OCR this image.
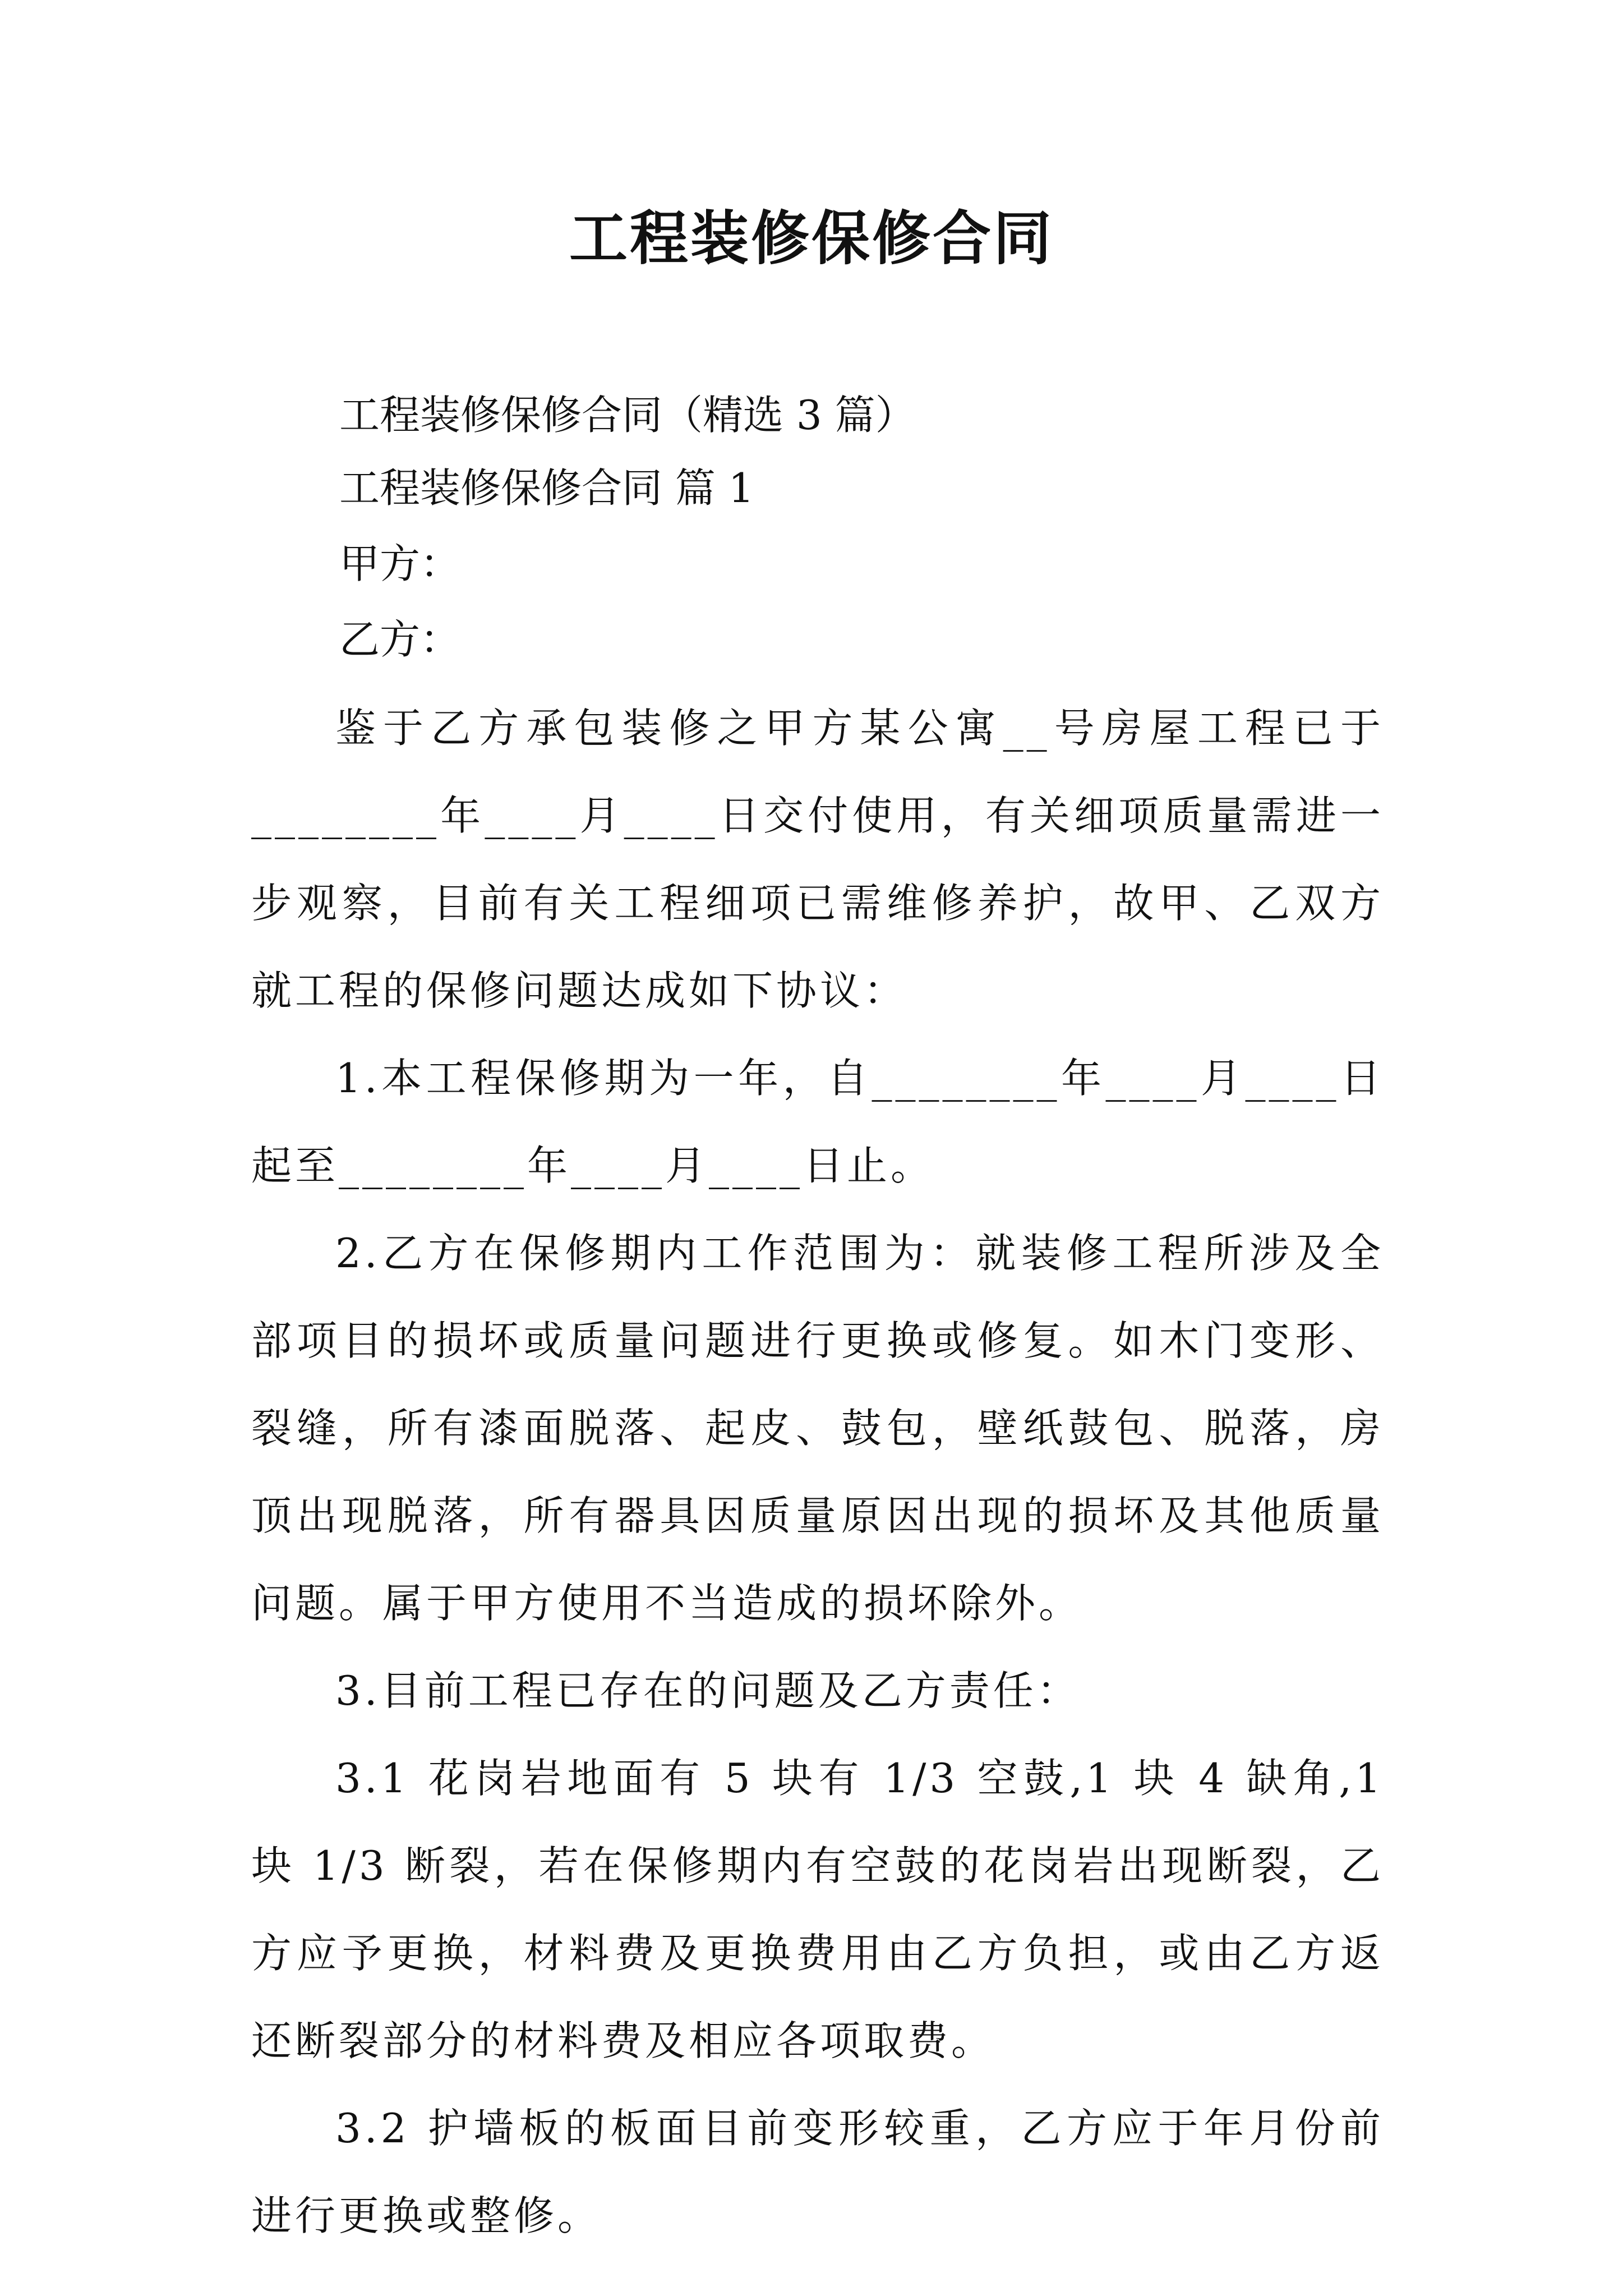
工程装修保修合同
工程装修保修合同（精选 3 篇）
工程装修保修合同 篇 1
甲方：
乙方：

鉴于乙方承包装修之甲方某公寓__号房屋工程已于________年____月____日交付使用，有关细项质量需进一步观察，目前有关工程细项已需维修养护，故甲、乙双方就工程的保修问题达成如下协议：

1.本工程保修期为一年，自________年____月____日起至________年____月____日止。

2.乙方在保修期内工作范围为：就装修工程所涉及全部项目的损坏或质量问题进行更换或修复。如木门变形、裂缝，所有漆面脱落、起皮、鼓包，壁纸鼓包、脱落，房顶出现脱落，所有器具因质量原因出现的损坏及其他质量问题。属于甲方使用不当造成的损坏除外。

3.目前工程已存在的问题及乙方责任：

3.1 花岗岩地面有 5 块有 1/3 空鼓,1 块 4 缺角,1 块 1/3 断裂，若在保修期内有空鼓的花岗岩出现断裂，乙方应予更换，材料费及更换费用由乙方负担，或由乙方返还断裂部分的材料费及相应各项取费。

3.2 护墙板的板面目前变形较重，乙方应于年月份前进行更换或整修。
